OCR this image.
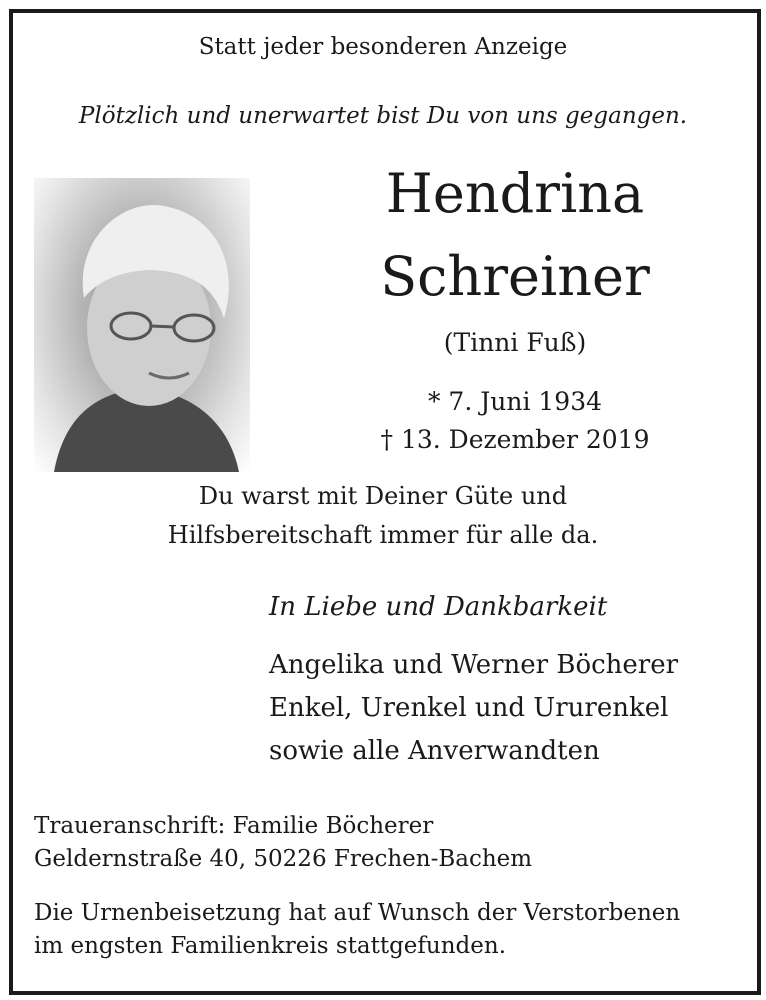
Statt jeder besonderen Anzeige
Plötzlich und unerwartet bist Du von uns gegangen.
Hendrina
Schreiner
(Tinni Fuß)
* 7. Juni 1934
† 13. Dezember 2019
Du warst mit Deiner Güte und
Hilfsbereitschaft immer für alle da.
In Liebe und Dankbarkeit
Angelika und Werner Böcherer
Enkel, Urenkel und Ururenkel
sowie alle Anverwandten
Traueranschrift: Familie Böcherer
Geldernstraße 40, 50226 Frechen-Bachem
Die Urnenbeisetzung hat auf Wunsch der Verstorbenen
im engsten Familienkreis stattgefunden.
